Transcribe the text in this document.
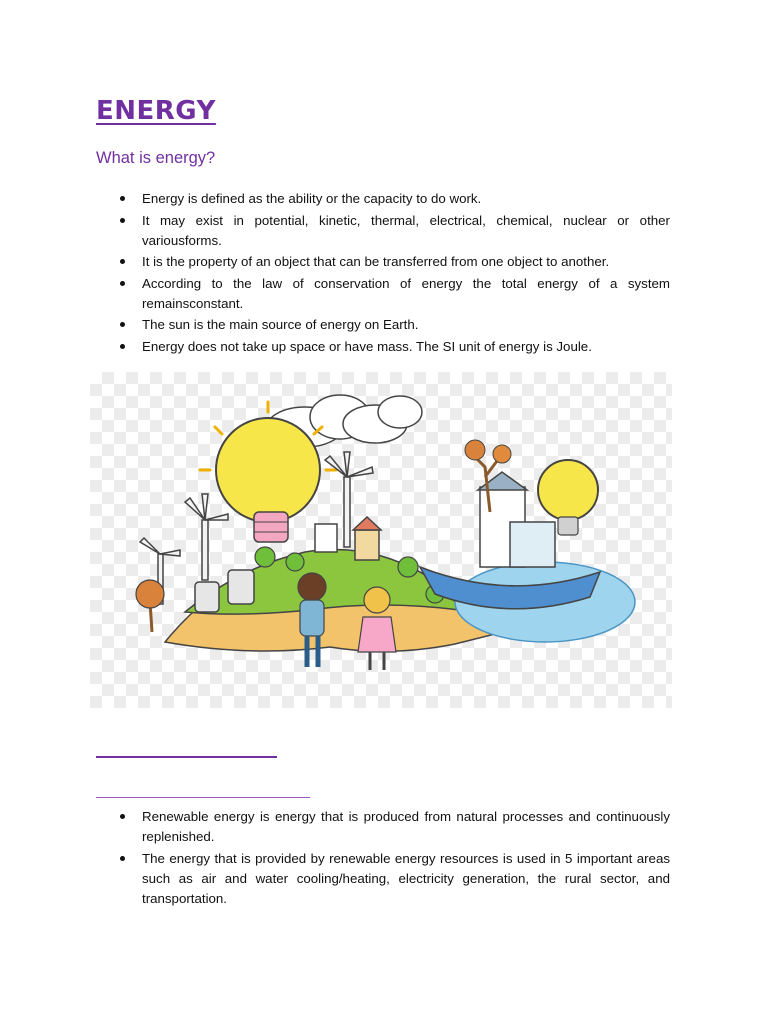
ENERGY
What is energy?
Energy is defined as the ability or the capacity to do work.
It may exist in potential, kinetic, thermal, electrical, chemical, nuclear or other variousforms.
It is the property of an object that can be transferred from one object to another.
According to the law of conservation of energy the total energy of a system remainsconstant.
The sun is the main source of energy on Earth.
Energy does not take up space or have mass. The SI unit of energy is Joule.
Renewable energy is energy that is produced from natural processes and continuously replenished.
The energy that is provided by renewable energy resources is used in 5 important areas such as air and water cooling/heating, electricity generation, the rural sector, and transportation.
